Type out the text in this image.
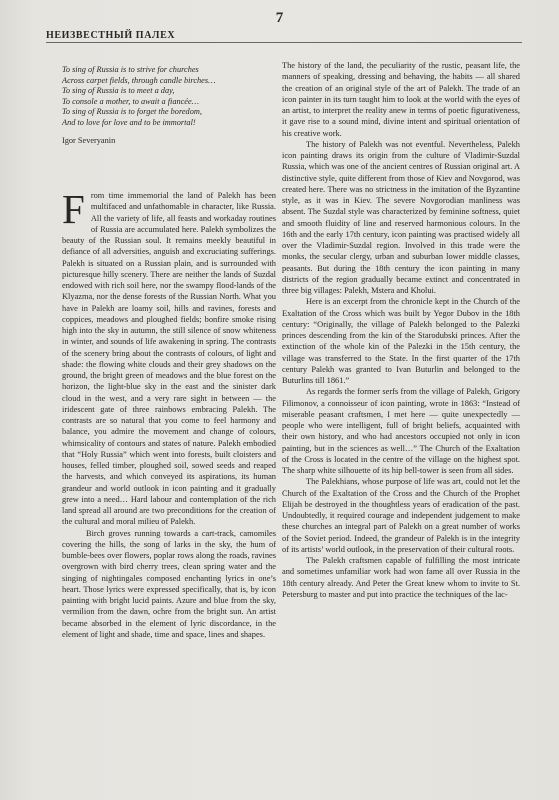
7
НЕИЗВЕСТНЫЙ ПАЛЕХ
To sing of Russia is to strive for churches
Across carpet fields, through candle birches…
To sing of Russia is to meet a day,
To console a mother, to await a fiancée…
To sing of Russia is to forget the boredom,
And to love for love and to be immortal!
Igor Severyanin

From time immemorial the land of Palekh has been multifaced and unfathomable in character, like Russia. All the variety of life, all feasts and workaday routines of Russia are accumulated here. Palekh symbolizes the beauty of the Russian soul. It remains meekly beautiful in defiance of all adversities, anguish and excruciating sufferings. Palekh is situated on a Russian plain, and is surrounded with picturesque hilly scenery. There are neither the lands of Suzdal endowed with rich soil here, nor the swampy flood-lands of the Klyazma, nor the dense forests of the Russian North. What you have in Palekh are loamy soil, hills and ravines, forests and coppices, meadows and ploughed fields; bonfire smoke rising high into the sky in autumn, the still silence of snow whiteness in winter, and sounds of life awakening in spring. The contrasts of the scenery bring about the contrasts of colours, of light and shade: the flowing white clouds and their grey shadows on the ground, the bright green of meadows and the blue forest on the horizon, the light-blue sky in the east and the sinister dark cloud in the west, and a very rare sight in between — the iridescent gate of three rainbows embracing Palekh. The contrasts are so natural that you come to feel harmony and balance, you admire the movement and change of colours, whimsicality of contours and states of nature. Palekh embodied that “Holy Russia” which went into forests, built cloisters and houses, felled timber, ploughed soil, sowed seeds and reaped the harvests, and which conveyed its aspirations, its human grandeur and world outlook in icon painting and it gradually grew into a need… Hard labour and contemplation of the rich land spread all around are two preconditions for the creation of the cultural and moral milieu of Palekh.

Birch groves running towards a cart-track, camomiles covering the hills, the song of larks in the sky, the hum of bumble-bees over flowers, poplar rows along the roads, ravines overgrown with bird cherry trees, clean spring water and the singing of nightingales composed enchanting lyrics in one’s heart. Those lyrics were expressed specifically, that is, by icon painting with bright lucid paints. Azure and blue from the sky, vermilion from the dawn, ochre from the bright sun. An artist became absorbed in the element of lyric discordance, in the element of light and shade, time and space, lines and shapes.

The history of the land, the peculiarity of the rustic, peasant life, the manners of speaking, dressing and behaving, the habits — all shared the creation of an original style of the art of Palekh. The trade of an icon painter in its turn taught him to look at the world with the eyes of an artist, to interpret the reality anew in terms of poetic figurativeness, it gave rise to a sound mind, divine intent and spiritual orientation of his creative work.

The history of Palekh was not eventful. Nevertheless, Palekh icon painting draws its origin from the culture of Vladimir-Suzdal Russia, which was one of the ancient centres of Russian original art. A distinctive style, quite different from those of Kiev and Novgorod, was created here. There was no strictness in the imitation of the Byzantine style, as it was in Kiev. The severe Novgorodian manliness was absent. The Suzdal style was characterized by feminine softness, quiet and smooth fluidity of line and reserved harmonious colours. In the 16th and the early 17th century, icon painting was practised widely all over the Vladimir-Suzdal region. Involved in this trade were the monks, the secular clergy, urban and suburban lower middle classes, peasants. But during the 18th century the icon painting in many districts of the region gradually became extinct and concentrated in three big villages: Palekh, Mstera and Kholui.

Here is an excerpt from the chronicle kept in the Church of the Exaltation of the Cross which was built by Yegor Dubov in the 18th century: “Originally, the village of Palekh belonged to the Palezki princes descending from the kin of the Starodubski princes. After the extinction of the whole kin of the Palezki in the 15th century, the village was transferred to the State. In the first quarter of the 17th century Palekh was granted to Ivan Buturlin and belonged to the Buturlins till 1861.”

As regards the former serfs from the village of Palekh, Grigory Filimonov, a connoisseur of icon painting, wrote in 1863: “Instead of miserable peasant craftsmen, I met here — quite unexpectedly — people who were intelligent, full of bright beliefs, acquainted with their own history, and who had ancestors occupied not only in icon painting, but in the sciences as well…” The Church of the Exaltation of the Cross is located in the centre of the village on the highest spot. The sharp white silhouette of its hip bell-tower is seen from all sides.

The Palekhians, whose purpose of life was art, could not let the Church of the Exaltation of the Cross and the Church of the Prophet Elijah be destroyed in the thoughtless years of eradication of the past. Undoubtedly, it required courage and independent judgement to make these churches an integral part of Palekh on a great number of works of the Soviet period. Indeed, the grandeur of Palekh is in the integrity of its artists’ world outlook, in the preservation of their cultural roots.

The Palekh craftsmen capable of fulfilling the most intricate and sometimes unfamiliar work had won fame all over Russia in the 18th century already. And Peter the Great knew whom to invite to St. Petersburg to master and put into practice the techniques of the lac-
